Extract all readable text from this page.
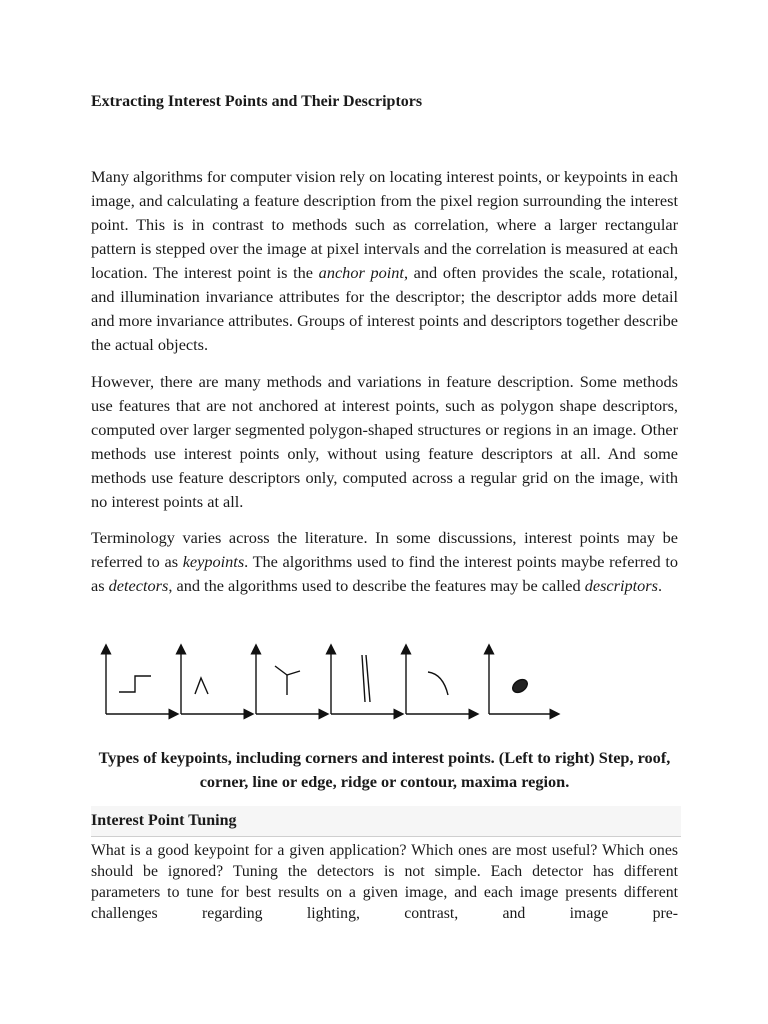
Extracting Interest Points and Their Descriptors

Many algorithms for computer vision rely on locating interest points, or keypoints in each image, and calculating a feature description from the pixel region surrounding the interest point. This is in contrast to methods such as correlation, where a larger rectangular pattern is stepped over the image at pixel intervals and the correlation is measured at each location. The interest point is the anchor point, and often provides the scale, rotational, and illumination invariance attributes for the descriptor; the descriptor adds more detail and more invariance attributes. Groups of interest points and descriptors together describe the actual objects.

However, there are many methods and variations in feature description. Some methods use features that are not anchored at interest points, such as polygon shape descriptors, computed over larger segmented polygon-shaped structures or regions in an image. Other methods use interest points only, without using feature descriptors at all. And some methods use feature descriptors only, computed across a regular grid on the image, with no interest points at all.

Terminology varies across the literature. In some discussions, interest points may be referred to as keypoints. The algorithms used to find the interest points maybe referred to as detectors, and the algorithms used to describe the features may be called descriptors.

Types of keypoints, including corners and interest points. (Left to right) Step, roof, corner, line or edge, ridge or contour, maxima region.

Interest Point Tuning

What is a good keypoint for a given application? Which ones are most useful? Which ones should be ignored? Tuning the detectors is not simple. Each detector has different parameters to tune for best results on a given image, and each image presents different challenges regarding lighting, contrast, and image pre-
